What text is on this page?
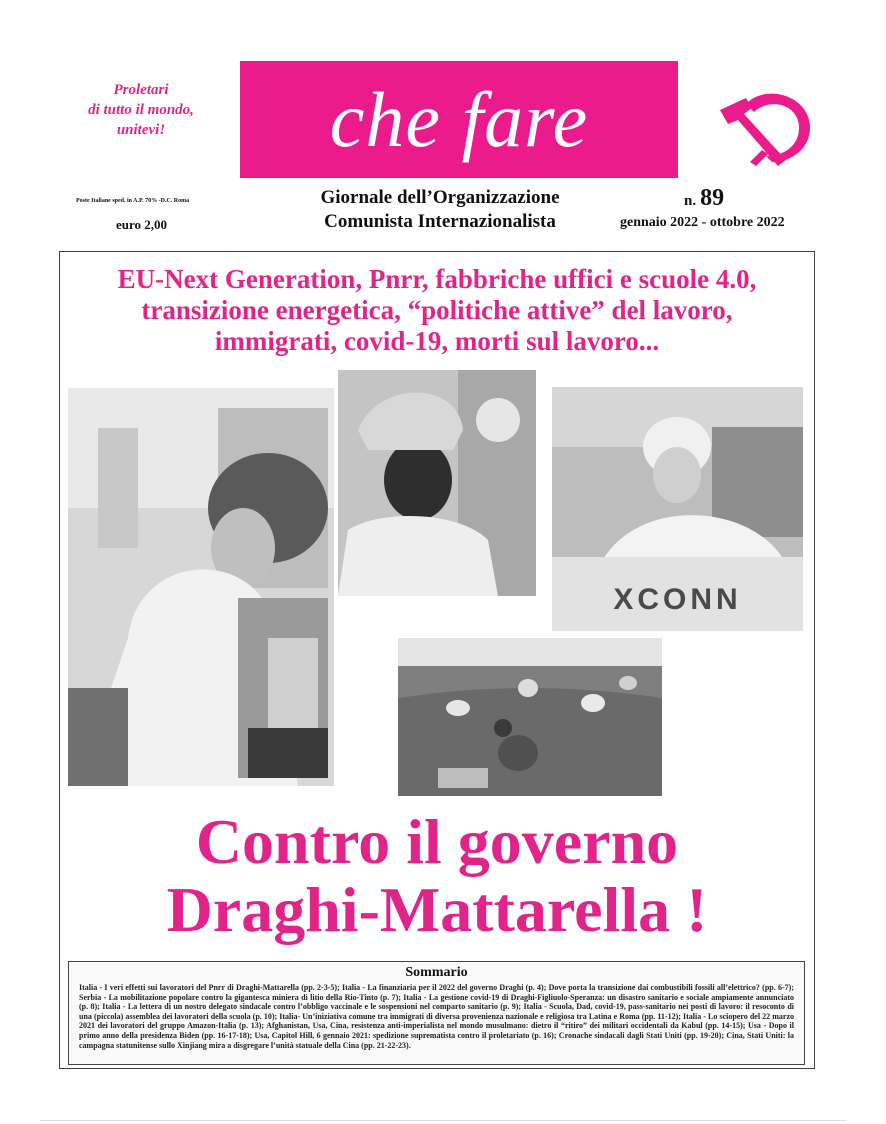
Proletari
di tutto il mondo,
unitevi!	che fare
Poste Italiane sped. in A.P. 70% -D.C. Roma
euro 2,00
Giornale dell’Organizzazione
Comunista Internazionalista
n. 89
gennaio 2022 - ottobre 2022
EU-Next Generation, Pnrr, fabbriche uffici e scuole 4.0,
transizione energetica, “politiche attive” del lavoro,
immigrati, covid-19, morti sul lavoro...
XCONN
Contro il governo
Draghi-Mattarella !
Sommario
Italia - I veri effetti sui lavoratori del Pnrr di Draghi-Mattarella (pp. 2-3-5); Italia - La finanziaria per il 2022 del governo Draghi (p. 4); Dove porta la transizione dai combustibili fossili all’elettrico? (pp. 6-7); Serbia - La mobilitazione popolare contro la gigantesca miniera di litio della Rio-Tinto (p. 7); Italia - La gestione covid-19 di Draghi-Figliuolo-Speranza: un disastro sanitario e sociale ampiamente annunciato (p. 8); Italia - La lettera di un nostro delegato sindacale contro l’obbligo vaccinale e le sospensioni nel comparto sanitario (p. 9); Italia - Scuola, Dad, covid-19, pass-sanitario nei posti di lavoro: il resoconto di una (piccola) assemblea dei lavoratori della scuola (p. 10); Italia- Un’iniziativa comune tra immigrati di diversa provenienza nazionale e religiosa tra Latina e Roma (pp. 11-12); Italia - Lo sciopero del 22 marzo 2021 dei lavoratori del gruppo Amazon-Italia (p. 13); Afghanistan, Usa, Cina, resistenza anti-imperialista nel mondo musulmano: dietro il “ritiro” dei militari occidentali da Kabul (pp. 14-15); Usa - Dopo il primo anno della presidenza Biden (pp. 16-17-18); Usa, Capitol Hill, 6 gennaio 2021: spedizione suprematista contro il proletariato (p. 16); Cronache sindacali dagli Stati Uniti (pp. 19-20); Cina, Stati Uniti: la campagna statunitense sullo Xinjiang mira a disgregare l’unità statuale della Cina (pp. 21-22-23).
